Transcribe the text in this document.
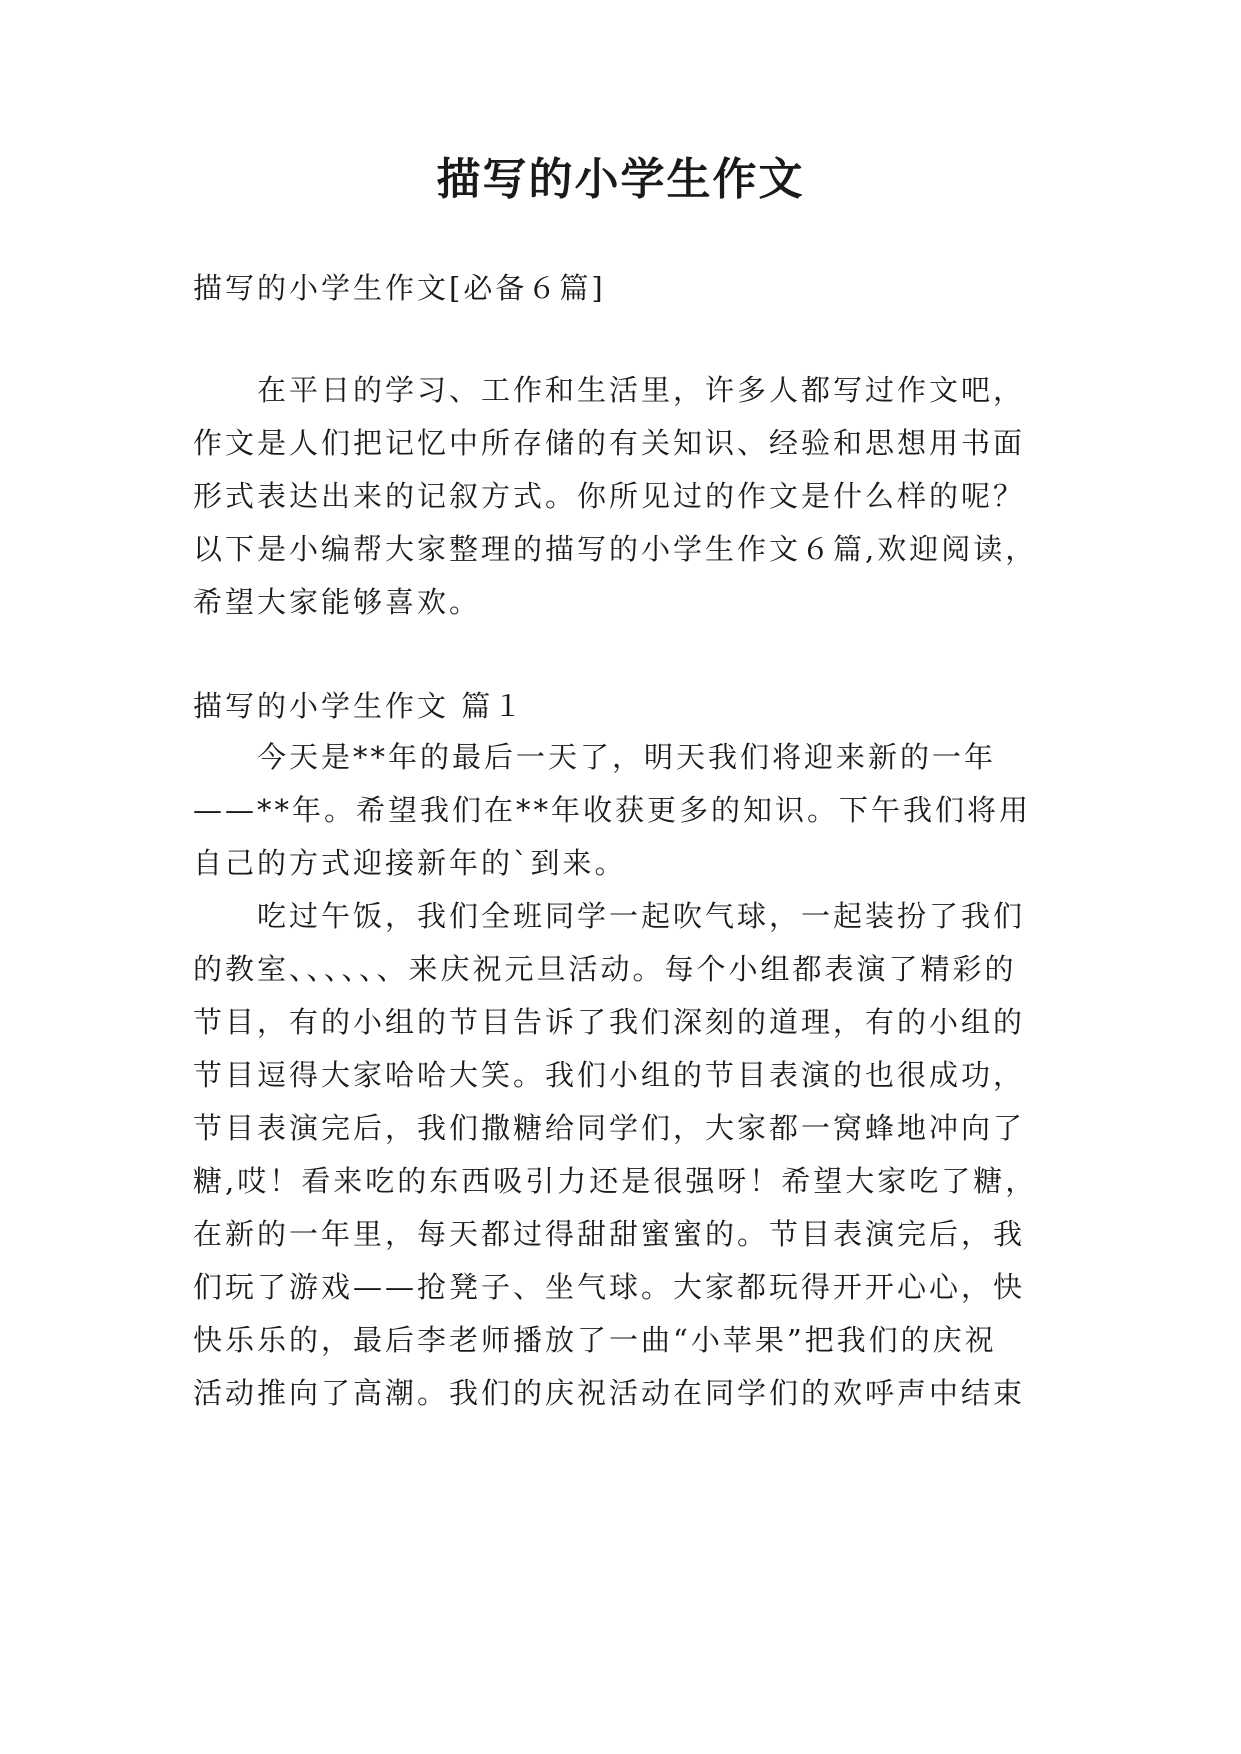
描写的小学生作文
描写的小学生作文[必备６篇]
　　在平日的学习、工作和生活里，许多人都写过作文吧，
作文是人们把记忆中所存储的有关知识、经验和思想用书面
形式表达出来的记叙方式。你所见过的作文是什么样的呢？
以下是小编帮大家整理的描写的小学生作文６篇,欢迎阅读，
希望大家能够喜欢。
描写的小学生作文 篇１
　　今天是**年的最后一天了，明天我们将迎来新的一年
——**年。希望我们在**年收获更多的知识。下午我们将用
自己的方式迎接新年的`到来。
　　吃过午饭，我们全班同学一起吹气球，一起装扮了我们
的教室、、、、、、来庆祝元旦活动。每个小组都表演了精彩的
节目，有的小组的节目告诉了我们深刻的道理，有的小组的
节目逗得大家哈哈大笑。我们小组的节目表演的也很成功，
节目表演完后，我们撒糖给同学们，大家都一窝蜂地冲向了
糖,哎！看来吃的东西吸引力还是很强呀！希望大家吃了糖，
在新的一年里，每天都过得甜甜蜜蜜的。节目表演完后，我
们玩了游戏——抢凳子、坐气球。大家都玩得开开心心，快
快乐乐的，最后李老师播放了一曲“小苹果”把我们的庆祝
活动推向了高潮。我们的庆祝活动在同学们的欢呼声中结束
